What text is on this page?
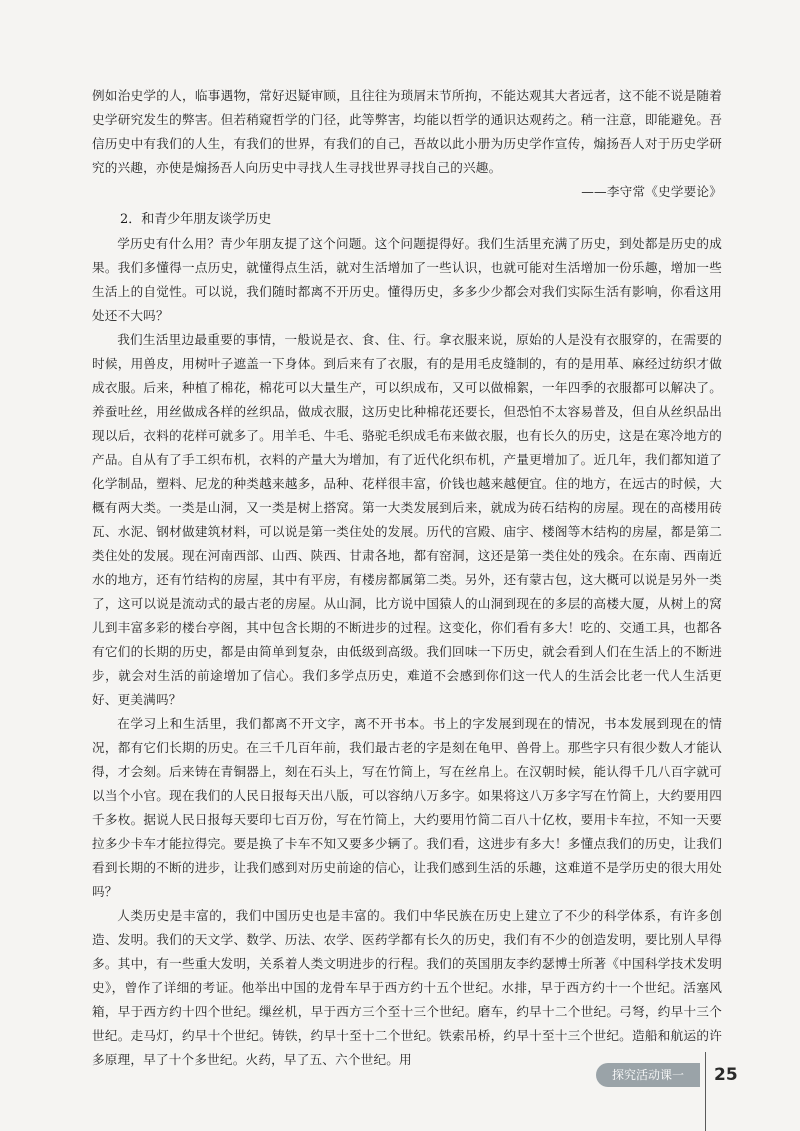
例如治史学的人，临事遇物，常好迟疑审顾，且往往为琐屑末节所拘，不能达观其大者远者，这不能不说是随着史学研究发生的弊害。但若稍窥哲学的门径，此等弊害，均能以哲学的通识达观药之。稍一注意，即能避免。吾信历史中有我们的人生，有我们的世界，有我们的自己，吾故以此小册为历史学作宣传，煽扬吾人对于历史学研究的兴趣，亦使是煽扬吾人向历史中寻找人生寻找世界寻找自己的兴趣。

——李守常《史学要论》

2．和青少年朋友谈学历史

学历史有什么用？青少年朋友提了这个问题。这个问题提得好。我们生活里充满了历史，到处都是历史的成果。我们多懂得一点历史，就懂得点生活，就对生活增加了一些认识，也就可能对生活增加一份乐趣，增加一些生活上的自觉性。可以说，我们随时都离不开历史。懂得历史，多多少少都会对我们实际生活有影响，你看这用处还不大吗？

我们生活里边最重要的事情，一般说是衣、食、住、行。拿衣服来说，原始的人是没有衣服穿的，在需要的时候，用兽皮，用树叶子遮盖一下身体。到后来有了衣服，有的是用毛皮缝制的，有的是用革、麻经过纺织才做成衣服。后来，种植了棉花，棉花可以大量生产，可以织成布，又可以做棉絮，一年四季的衣服都可以解决了。养蚕吐丝，用丝做成各样的丝织品，做成衣服，这历史比种棉花还要长，但恐怕不太容易普及，但自从丝织品出现以后，衣料的花样可就多了。用羊毛、牛毛、骆驼毛织成毛布来做衣服，也有长久的历史，这是在寒冷地方的产品。自从有了手工织布机，衣料的产量大为增加，有了近代化织布机，产量更增加了。近几年，我们都知道了化学制品，塑料、尼龙的种类越来越多，品种、花样很丰富，价钱也越来越便宜。住的地方，在远古的时候，大概有两大类。一类是山洞，又一类是树上搭窝。第一大类发展到后来，就成为砖石结构的房屋。现在的高楼用砖瓦、水泥、钢材做建筑材料，可以说是第一类住处的发展。历代的宫殿、庙宇、楼阁等木结构的房屋，都是第二类住处的发展。现在河南西部、山西、陕西、甘肃各地，都有窑洞，这还是第一类住处的残余。在东南、西南近水的地方，还有竹结构的房屋，其中有平房，有楼房都属第二类。另外，还有蒙古包，这大概可以说是另外一类了，这可以说是流动式的最古老的房屋。从山洞，比方说中国猿人的山洞到现在的多层的高楼大厦，从树上的窝儿到丰富多彩的楼台亭阁，其中包含长期的不断进步的过程。这变化，你们看有多大！吃的、交通工具，也都各有它们的长期的历史，都是由简单到复杂，由低级到高级。我们回味一下历史，就会看到人们在生活上的不断进步，就会对生活的前途增加了信心。我们多学点历史，难道不会感到你们这一代人的生活会比老一代人生活更好、更美满吗？

在学习上和生活里，我们都离不开文字，离不开书本。书上的字发展到现在的情况，书本发展到现在的情况，都有它们长期的历史。在三千几百年前，我们最古老的字是刻在龟甲、兽骨上。那些字只有很少数人才能认得，才会刻。后来铸在青铜器上，刻在石头上，写在竹简上，写在丝帛上。在汉朝时候，能认得千几八百字就可以当个小官。现在我们的人民日报每天出八版，可以容纳八万多字。如果将这八万多字写在竹简上，大约要用四千多枚。据说人民日报每天要印七百万份，写在竹简上，大约要用竹简二百八十亿枚，要用卡车拉，不知一天要拉多少卡车才能拉得完。要是换了卡车不知又要多少辆了。我们看，这进步有多大！多懂点我们的历史，让我们看到长期的不断的进步，让我们感到对历史前途的信心，让我们感到生活的乐趣，这难道不是学历史的很大用处吗？

人类历史是丰富的，我们中国历史也是丰富的。我们中华民族在历史上建立了不少的科学体系，有许多创造、发明。我们的天文学、数学、历法、农学、医药学都有长久的历史，我们有不少的创造发明，要比别人早得多。其中，有一些重大发明，关系着人类文明进步的行程。我们的英国朋友李约瑟博士所著《中国科学技术发明史》，曾作了详细的考证。他举出中国的龙骨车早于西方约十五个世纪。水排，早于西方约十一个世纪。活塞风箱，早于西方约十四个世纪。缫丝机，早于西方三个至十三个世纪。磨车，约早十二个世纪。弓弩，约早十三个世纪。走马灯，约早十个世纪。铸铁，约早十至十二个世纪。铁索吊桥，约早十至十三个世纪。造船和航运的许多原理，早了十个多世纪。火药，早了五、六个世纪。用

探究活动课一	25
